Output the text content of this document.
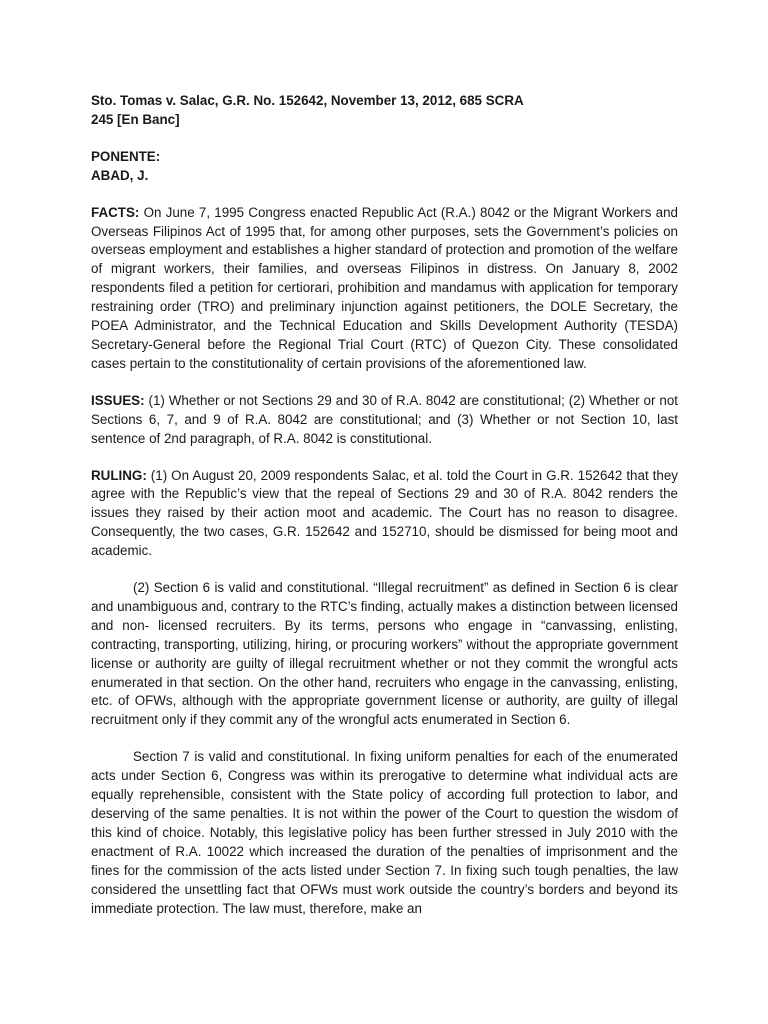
Sto. Tomas v. Salac, G.R. No. 152642, November 13, 2012, 685 SCRA
245 [En Banc]

PONENTE:
ABAD, J.

FACTS: On June 7, 1995 Congress enacted Republic Act (R.A.) 8042 or the Migrant Workers and Overseas Filipinos Act of 1995 that, for among other purposes, sets the Government’s policies on overseas employment and establishes a higher standard of protection and promotion of the welfare of migrant workers, their families, and overseas Filipinos in distress. On January 8, 2002 respondents filed a petition for certiorari, prohibition and mandamus with application for temporary restraining order (TRO) and preliminary injunction against petitioners, the DOLE Secretary, the POEA Administrator, and the Technical Education and Skills Development Authority (TESDA) Secretary-General before the Regional Trial Court (RTC) of Quezon City. These consolidated cases pertain to the constitutionality of certain provisions of the aforementioned law.

ISSUES: (1) Whether or not Sections 29 and 30 of R.A. 8042 are constitutional; (2) Whether or not Sections 6, 7, and 9 of R.A. 8042 are constitutional; and (3) Whether or not Section 10, last sentence of 2nd paragraph, of R.A. 8042 is constitutional.

RULING: (1) On August 20, 2009 respondents Salac, et al. told the Court in G.R. 152642 that they agree with the Republic’s view that the repeal of Sections 29 and 30 of R.A. 8042 renders the issues they raised by their action moot and academic. The Court has no reason to disagree. Consequently, the two cases, G.R. 152642 and 152710, should be dismissed for being moot and academic.

(2) Section 6 is valid and constitutional. “Illegal recruitment” as defined in Section 6 is clear and unambiguous and, contrary to the RTC’s finding, actually makes a distinction between licensed and non- licensed recruiters. By its terms, persons who engage in “canvassing, enlisting, contracting, transporting, utilizing, hiring, or procuring workers” without the appropriate government license or authority are guilty of illegal recruitment whether or not they commit the wrongful acts enumerated in that section. On the other hand, recruiters who engage in the canvassing, enlisting, etc. of OFWs, although with the appropriate government license or authority, are guilty of illegal recruitment only if they commit any of the wrongful acts enumerated in Section 6.

Section 7 is valid and constitutional. In fixing uniform penalties for each of the enumerated acts under Section 6, Congress was within its prerogative to determine what individual acts are equally reprehensible, consistent with the State policy of according full protection to labor, and deserving of the same penalties. It is not within the power of the Court to question the wisdom of this kind of choice. Notably, this legislative policy has been further stressed in July 2010 with the enactment of R.A. 10022 which increased the duration of the penalties of imprisonment and the fines for the commission of the acts listed under Section 7. In fixing such tough penalties, the law considered the unsettling fact that OFWs must work outside the country’s borders and beyond its immediate protection. The law must, therefore, make an
